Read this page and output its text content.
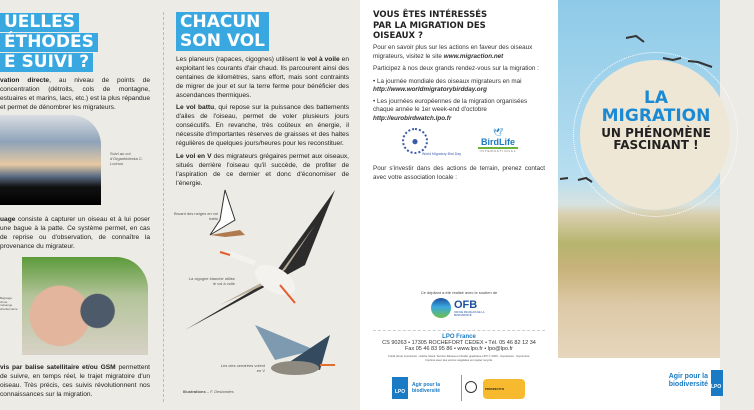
UELLES
ÉTHODES
E SUIVI ?

vation directe, au niveau de points de concentration (détroits, cols de montagne, estuaires et marins, lacs, etc.) est la plus répandue et permet de dénombrer les migrateurs.

Suivi au col d'Organbidexka C. Lochon

uage consiste à capturer un oiseau et à lui poser une bague à la patte. Ce système permet, en cas de reprise ou d'observation, de connaître la provenance du migrateur.

Baguage d'une mésange charbonnière

vis par balise satellitaire et/ou GSM permettent de suivre, en temps réel, le trajet migratoire d'un oiseau. Très précis, ces suivis révolutionnent nos connaissances sur la migration.

CHACUN
SON VOL

Les planeurs (rapaces, cigognes) utilisent le vol à voile en exploitant les courants d'air chaud. Ils parcourent ainsi des centaines de kilomètres, sans effort, mais sont contraints de migrer de jour et sur la terre ferme pour bénéficier des ascendances thermiques.

Le vol battu, qui repose sur la puissance des battements d'ailes de l'oiseau, permet de voler plusieurs jours consécutifs. En revanche, très coûteux en énergie, il nécessite d'importantes réserves de graisses et des haltes régulières de quelques jours/heures pour les reconstituer.

Le vol en V des migrateurs grégaires permet aux oiseaux, situés derrière l'oiseau qu'il succède, de profiter de l'aspiration de ce dernier et donc d'économiser de l'énergie.

Bruant des neiges en vol battu
La cigogne blanche utilise le vol à voile
Les oies cendrées volent en V
Illustrations – F. Desbordes
VOUS ÊTES INTÉRESSÉS PAR LA MIGRATION DES OISEAUX ?

Pour en savoir plus sur les actions en faveur des oiseaux migrateurs, visitez le site www.migraction.net

Participez à nos deux grands rendez-vous sur la migration :

• La journée mondiale des oiseaux migrateurs en mai

http://www.worldmigratorybirdday.org

• Les journées européennes de la migration organisées chaque année le 1er week-end d'octobre

http://eurobirdwatch.lpo.fr

●
World Migratory Bird Day
🕊
BirdLife
INTERNATIONAL

Pour s'investir dans des actions de terrain, prenez contact avec votre association locale :

Ce dépliant a été réalisé avec le soutien de
OFB
OFFICE FRANÇAIS DE LA BIODIVERSITÉ
LPO France
CS 90263 • 17305 ROCHEFORT CEDEX • Tél. 05 46 82 12 34
Fax 05 46 83 95 86 • www.lpo.fr • lpo@lpo.fr
Crédit photo couverture : Adobe Stock. Service Réseau et Studio graphique LPO © 2020 - Impression : Imprimerie. Imprimé avec des encres végétales sur papier recyclé.
LPO
Agir pour la biodiversité	PROSPECTUS
LA
MIGRATION
UN PHÉNOMÈNE
FASCINANT !
Agir pour la biodiversité LPO
